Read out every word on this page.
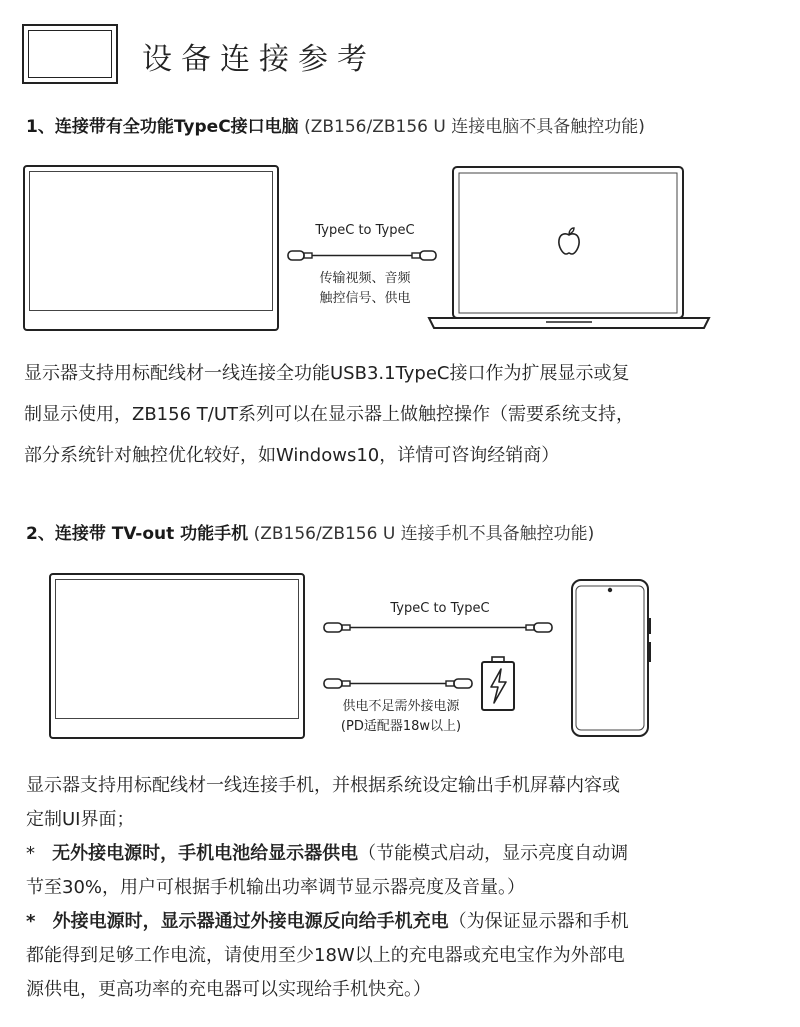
设备连接参考
1、连接带有全功能TypeC接口电脑 (ZB156/ZB156 U 连接电脑不具备触控功能)
TypeC to TypeC
传输视频、音频
触控信号、供电
显示器支持用标配线材一线连接全功能USB3.1TypeC接口作为扩展显示或复
制显示使用，ZB156 T/UT系列可以在显示器上做触控操作（需要系统支持，
部分系统针对触控优化较好，如Windows10，详情可咨询经销商）
2、连接带 TV-out 功能手机 (ZB156/ZB156 U 连接手机不具备触控功能)
TypeC to TypeC
供电不足需外接电源
(PD适配器18w以上)
显示器支持用标配线材一线连接手机，并根据系统设定输出手机屏幕内容或
定制UI界面；
* 无外接电源时，手机电池给显示器供电（节能模式启动，显示亮度自动调
节至30%，用户可根据手机输出功率调节显示器亮度及音量。）
* 外接电源时，显示器通过外接电源反向给手机充电（为保证显示器和手机
都能得到足够工作电流，请使用至少18W以上的充电器或充电宝作为外部电
源供电，更高功率的充电器可以实现给手机快充。）
